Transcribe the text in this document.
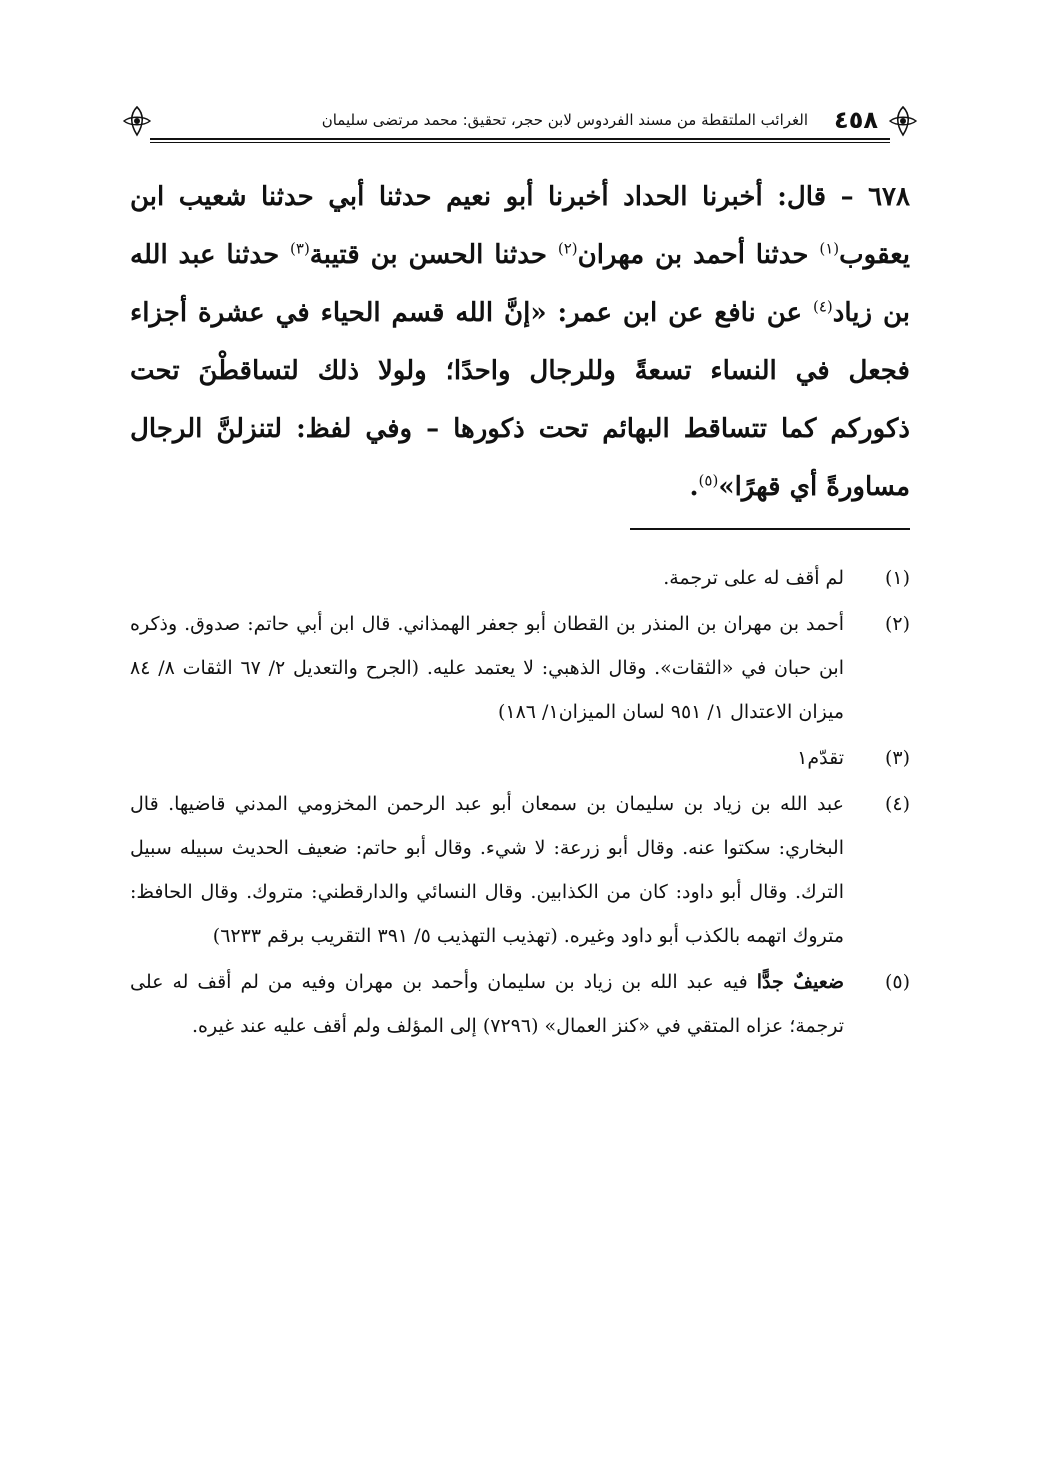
٤٥٨
الغرائب الملتقطة من مسند الفردوس لابن حجر، تحقيق: محمد مرتضى سليمان
٦٧٨ – قال: أخبرنا الحداد أخبرنا أبو نعيم حدثنا أبي حدثنا شعيب ابن يعقوب$^{(١)}$ حدثنا أحمد بن مهران$^{(٢)}$ حدثنا الحسن بن قتيبة$^{(٣)}$ حدثنا عبد الله بن زياد$^{(٤)}$ عن نافع عن ابن عمر: «إنَّ الله قسم الحياء في عشرة أجزاء فجعل في النساء تسعةً وللرجال واحدًا؛ ولولا ذلك لتساقطْنَ تحت ذكوركم كما تتساقط البهائم تحت ذكورها – وفي لفظ: لتنزلنَّ الرجال مساورةً أي قهرًا»$^{(٥)}$.
(١)
لم أقف له على ترجمة.
(٢)
أحمد بن مهران بن المنذر بن القطان أبو جعفر الهمذاني. قال ابن أبي حاتم: صدوق. وذكره ابن حبان في «الثقات». وقال الذهبي: لا يعتمد عليه. (الجرح والتعديل ٢/ ٦٧ الثقات ٨/ ٨٤ ميزان الاعتدال ١/ ٩٥١ لسان الميزان١/ ١٨٦)
(٣)
تقدّم١
(٤)
عبد الله بن زياد بن سليمان بن سمعان أبو عبد الرحمن المخزومي المدني قاضيها. قال البخاري: سكتوا عنه. وقال أبو زرعة: لا شيء. وقال أبو حاتم: ضعيف الحديث سبيله سبيل الترك. وقال أبو داود: كان من الكذابين. وقال النسائي والدارقطني: متروك. وقال الحافظ: متروك اتهمه بالكذب أبو داود وغيره. (تهذيب التهذيب ٥/ ٣٩١ التقريب برقم ٦٢٣٣)
(٥)
ضعيفٌ جدًّا فيه عبد الله بن زياد بن سليمان وأحمد بن مهران وفيه من لم أقف له على ترجمة؛ عزاه المتقي في «كنز العمال» (٧٢٩٦) إلى المؤلف ولم أقف عليه عند غيره.
